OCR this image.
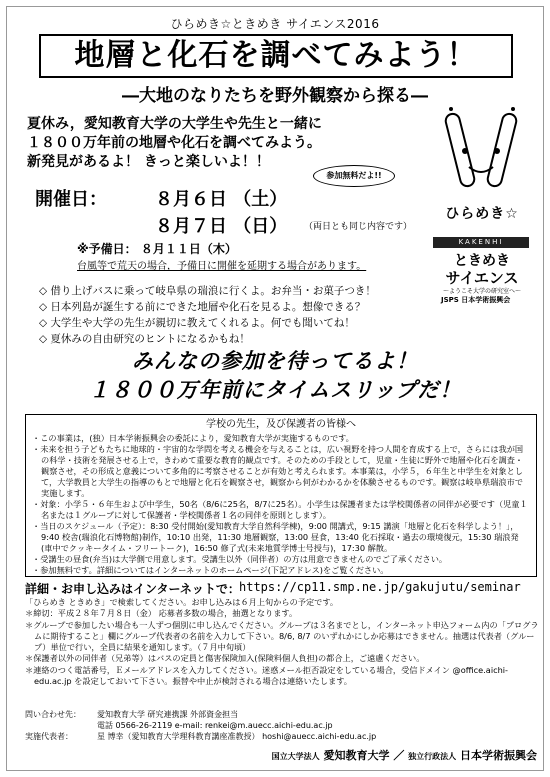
ひらめき☆ときめき サイエンス2016
地層と化石を調べてみよう！
―大地のなりたちを野外観察から探る―
夏休み，愛知教育大学の大学生や先生と一緒に
１８００万年前の地層や化石を調べてみよう。
新発見があるよ！ きっと楽しいよ！！
参加無料だよ!!
開催日：	８月６日 （土）
８月７日 （日） （両日とも同じ内容です）
※予備日： ８月１１日（木）
台風等で荒天の場合，予備日に開催を延期する場合があります。
ひらめき☆
KAKENHI
ときめき
サイエンス
〜ようこそ大学の研究室へ〜
JSPS 日本学術振興会
◇ 借り上げバスに乗って岐阜県の瑞浪に行くよ。お弁当・お菓子つき！
◇ 日本列島が誕生する前にできた地層や化石を見るよ。想像できる？
◇ 大学生や大学の先生が親切に教えてくれるよ。何でも聞いてね！
◇ 夏休みの自由研究のヒントになるかもね！
みんなの参加を待ってるよ！
１８００万年前にタイムスリップだ！
学校の先生，及び保護者の皆様へ
・ この事業は，(独）日本学術振興会の委託により，愛知教育大学が実施するものです。
・ 未来を担う子どもたちに地球的・宇宙的な学問を考える機会を与えることは，広い視野を持つ人間を育成する上で，さらには我が国の科学・技術を発展させる上で，きわめて重要な教育的観点です。そのための手段として，児童・生徒に野外で地層や化石を調査・観察させ，その形成と意義について多角的に考察させることが有効と考えられます。本事業は，小学５，６年生と中学生を対象として，大学教員と大学生の指導のもとで地層と化石を観察させ，観察から何がわかるかを体験させるものです。観察は岐阜県瑞浪市で実施します。
・ 対象：小学５・６年生および中学生，50名（8/6に25名，8/7に25名）。小学生は保護者または学校関係者の同伴が必要です（児童１名または１グループに対して保護者・学校関係者１名の同伴を原則とします）。
・ 当日のスケジュール（予定）：8:30 受付開始(愛知教育大学自然科学棟)，9:00 開講式，9:15 講演「地層と化石を科学しよう！」，9:40 校舎(瑞浪化石博物館)制作，10:10 出発，11:30 地層観察，13:00 昼食，13:40 化石採取・過去の環境復元，15:30 瑞浪発(車中でクッキータイム・フリートーク)，16:50 修了式(未来地質学博士号授与)，17:30 解散。
・ 受講生の昼食(弁当)は大学側で用意します。受講生以外（同伴者）の方は用意できませんのでご了承ください。
・ 参加無料です。詳細についてはインターネットのホームページ(下記アドレス)をご覧ください。
詳細・お申し込みはインターネットで： https://cp11.smp.ne.jp/gakujutu/seminar
「ひらめき ときめき」で検索してください。お申し込みは６月上旬からの予定です。
＊ 締切：平成２８年７月８日（金） 応募者多数の場合，抽選となります。
＊ グループで参加したい場合も一人ずつ個別に申し込んでください。グループは３名までとし，インターネット申込フォーム内の「プログラムに期待すること」欄にグループ代表者の名前を入力して下さい。8/6, 8/7 のいずれかにしか応募はできません。抽選は代表者（グループ）単位で行い，全員に結果を通知します。（７月中旬頃）
＊ 保護者以外の同伴者（兄弟等）はバスの定員と傷害保険加入(保険料個人負担)の都合上，ご遠慮ください。
＊ 連絡のつく電話番号，Ｅメールアドレスを入力してください。迷惑メール拒否設定をしている場合，受信ドメイン @office.aichi-edu.ac.jp を設定しておいて下さい。振替や中止が検討される場合は連絡いたします。
問い合わせ先：	愛知教育大学 研究連携課 外部資金担当
電話 0566-26-2119 e-mail: renkei@m.auecc.aichi-edu.ac.jp
実施代表者：	星 博幸（愛知教育大学理科教育講座准教授） hoshi@auecc.aichi-edu.ac.jp
国立大学法人 愛知教育大学 ／ 独立行政法人 日本学術振興会
